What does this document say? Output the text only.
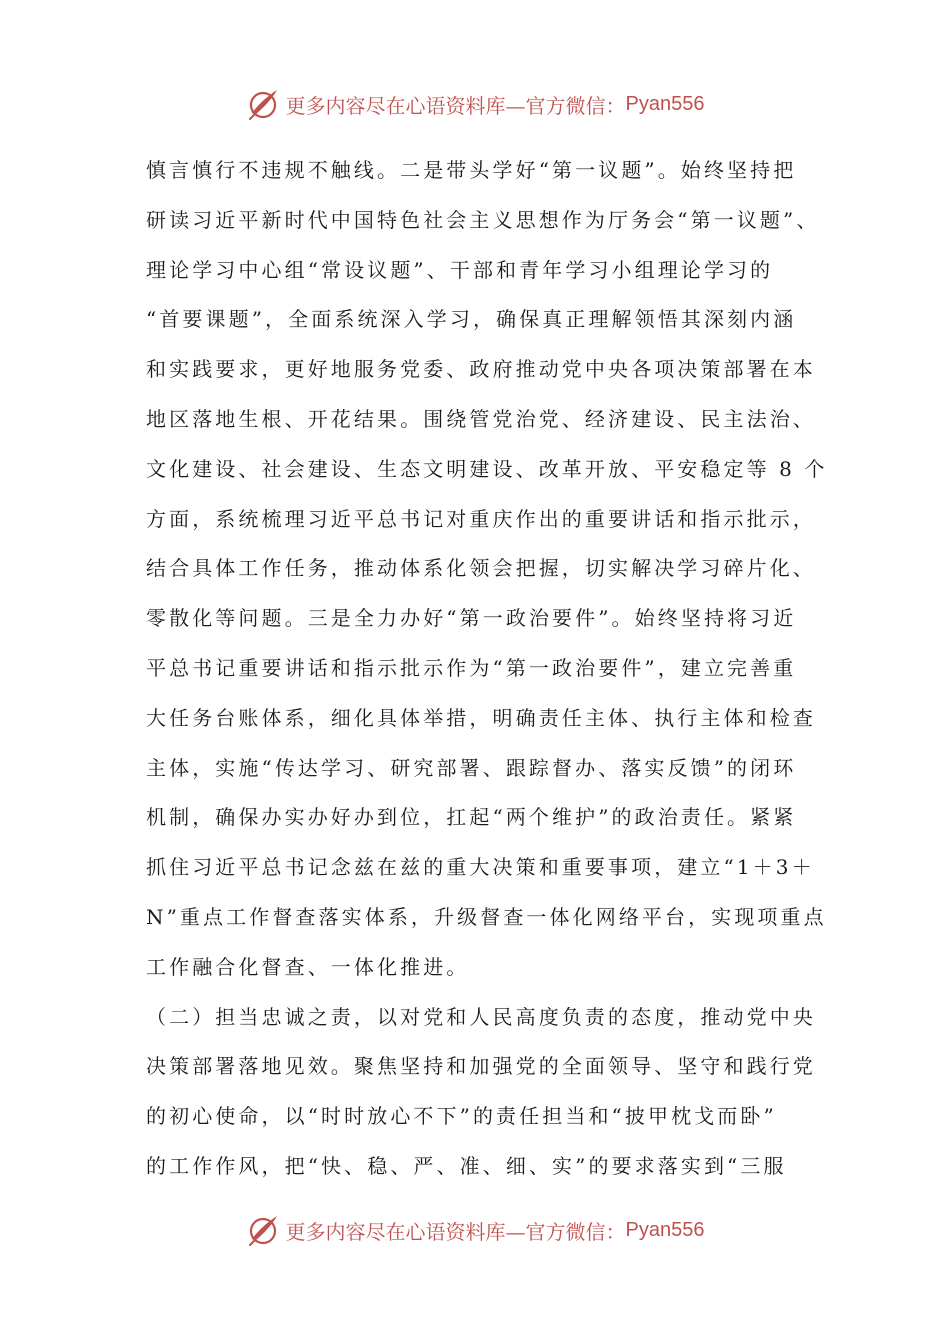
更多内容尽在心语资料库—官方微信： Pyan556
慎言慎行不违规不触线。二是带头学好“第一议题”。始终坚持把
研读习近平新时代中国特色社会主义思想作为厅务会“第一议题”、
理论学习中心组“常设议题”、干部和青年学习小组理论学习的
“首要课题”，全面系统深入学习，确保真正理解领悟其深刻内涵
和实践要求，更好地服务党委、政府推动党中央各项决策部署在本
地区落地生根、开花结果。围绕管党治党、经济建设、民主法治、
文化建设、社会建设、生态文明建设、改革开放、平安稳定等 8 个
方面，系统梳理习近平总书记对重庆作出的重要讲话和指示批示，
结合具体工作任务，推动体系化领会把握，切实解决学习碎片化、
零散化等问题。三是全力办好“第一政治要件”。始终坚持将习近
平总书记重要讲话和指示批示作为“第一政治要件”，建立完善重
大任务台账体系，细化具体举措，明确责任主体、执行主体和检查
主体，实施“传达学习、研究部署、跟踪督办、落实反馈”的闭环
机制，确保办实办好办到位，扛起“两个维护”的政治责任。紧紧
抓住习近平总书记念兹在兹的重大决策和重要事项，建立“1＋3＋
N”重点工作督查落实体系，升级督查一体化网络平台，实现项重点
工作融合化督查、一体化推进。
（二）担当忠诚之责，以对党和人民高度负责的态度，推动党中央
决策部署落地见效。聚焦坚持和加强党的全面领导、坚守和践行党
的初心使命，以“时时放心不下”的责任担当和“披甲枕戈而卧”
的工作作风，把“快、稳、严、准、细、实”的要求落实到“三服
更多内容尽在心语资料库—官方微信： Pyan556
